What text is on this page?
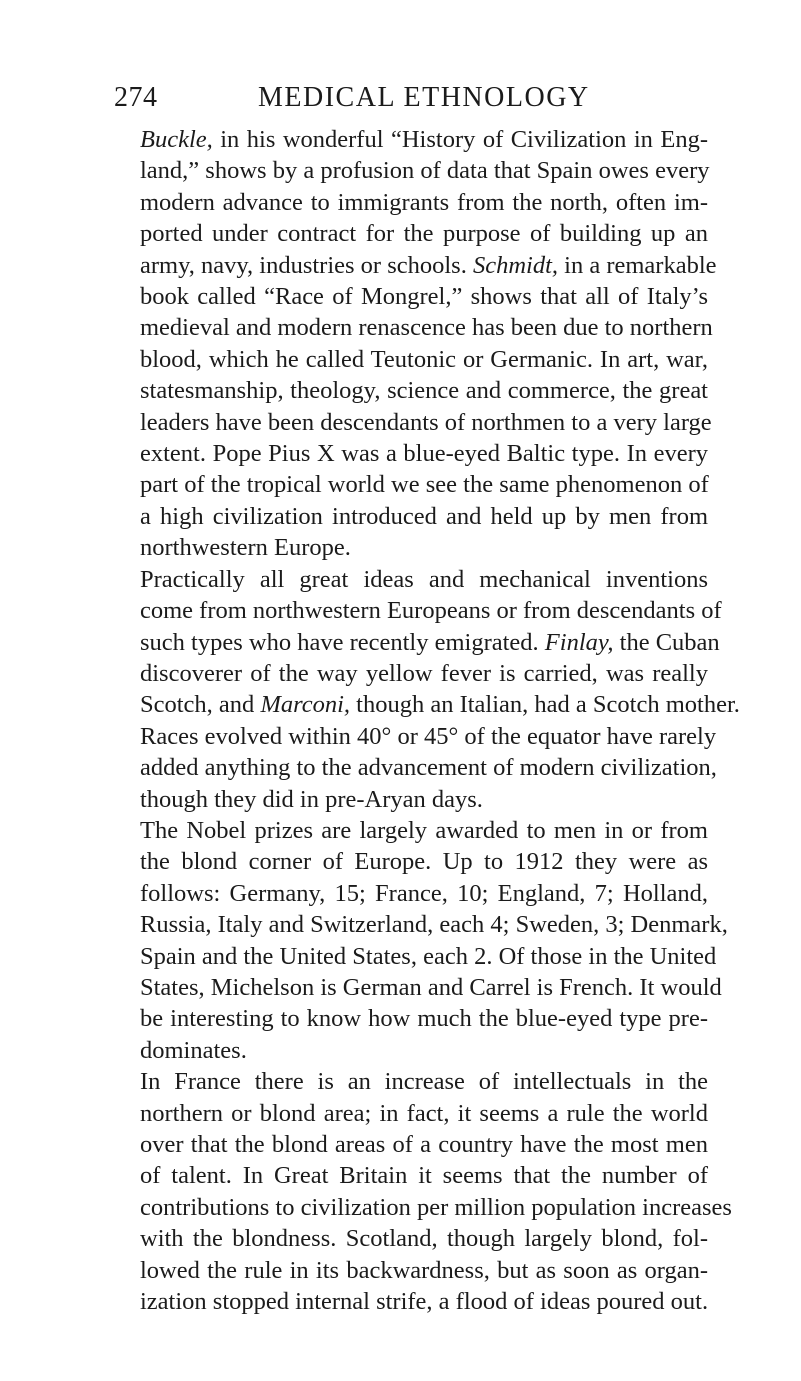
274	MEDICAL ETHNOLOGY
Buckle, in his wonderful “History of Civilization in Eng-
land,” shows by a profusion of data that Spain owes every
modern advance to immigrants from the north, often im-
ported under contract for the purpose of building up an
army, navy, industries or schools. Schmidt, in a remarkable
book called “Race of Mongrel,” shows that all of Italy’s
medieval and modern renascence has been due to northern
blood, which he called Teutonic or Germanic. In art, war,
statesmanship, theology, science and commerce, the great
leaders have been descendants of northmen to a very large
extent. Pope Pius X was a blue-eyed Baltic type. In every
part of the tropical world we see the same phenomenon of
a high civilization introduced and held up by men from
northwestern Europe.
Practically all great ideas and mechanical inventions
come from northwestern Europeans or from descendants of
such types who have recently emigrated. Finlay, the Cuban
discoverer of the way yellow fever is carried, was really
Scotch, and Marconi, though an Italian, had a Scotch mother.
Races evolved within 40° or 45° of the equator have rarely
added anything to the advancement of modern civilization,
though they did in pre-Aryan days.
The Nobel prizes are largely awarded to men in or from
the blond corner of Europe. Up to 1912 they were as
follows: Germany, 15; France, 10; England, 7; Holland,
Russia, Italy and Switzerland, each 4; Sweden, 3; Denmark,
Spain and the United States, each 2. Of those in the United
States, Michelson is German and Carrel is French. It would
be interesting to know how much the blue-eyed type pre-
dominates.
In France there is an increase of intellectuals in the
northern or blond area; in fact, it seems a rule the world
over that the blond areas of a country have the most men
of talent. In Great Britain it seems that the number of
contributions to civilization per million population increases
with the blondness. Scotland, though largely blond, fol-
lowed the rule in its backwardness, but as soon as organ-
ization stopped internal strife, a flood of ideas poured out.
